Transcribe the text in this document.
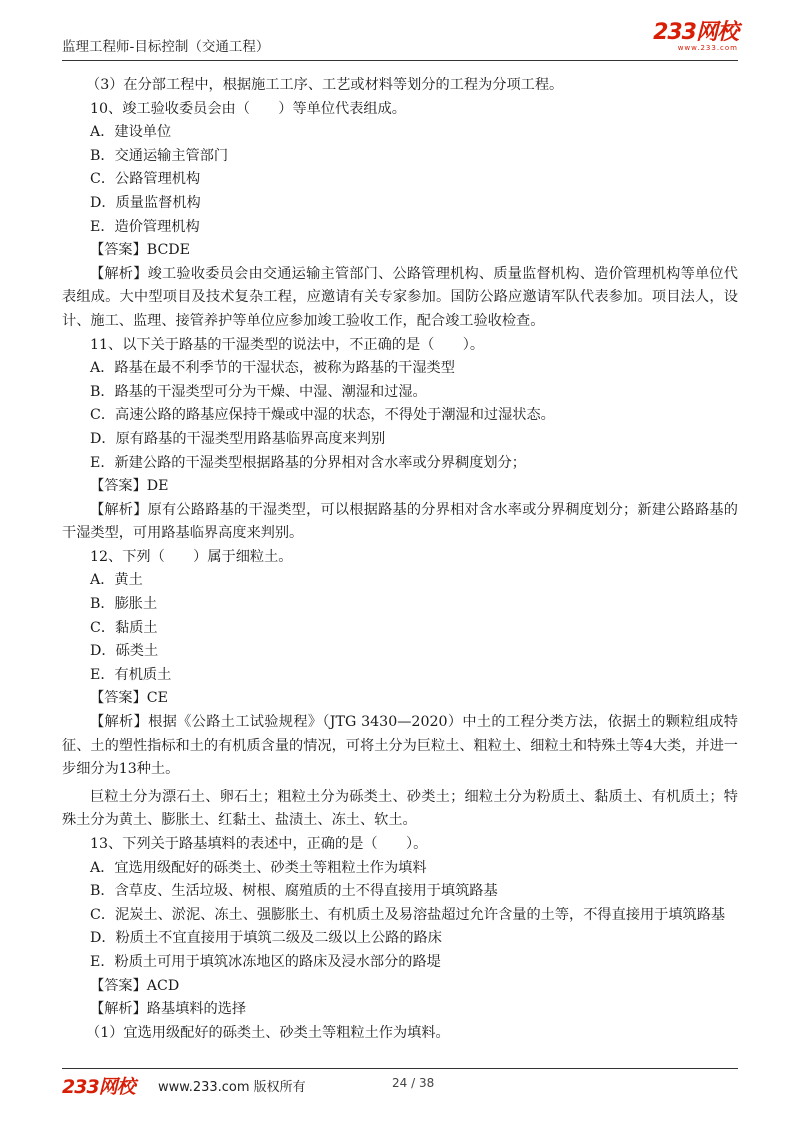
监理工程师-目标控制（交通工程）
233网校
www.233.com
（3）在分部工程中，根据施工工序、工艺或材料等划分的工程为分项工程。
10、竣工验收委员会由（　　）等单位代表组成。
A．建设单位
B．交通运输主管部门
C．公路管理机构
D．质量监督机构
E．造价管理机构
【答案】BCDE
【解析】竣工验收委员会由交通运输主管部门、公路管理机构、质量监督机构、造价管理机构等单位代表组成。大中型项目及技术复杂工程，应邀请有关专家参加。国防公路应邀请军队代表参加。项目法人，设计、施工、监理、接管养护等单位应参加竣工验收工作，配合竣工验收检查。
11、以下关于路基的干湿类型的说法中，不正确的是（　　）。
A．路基在最不利季节的干湿状态，被称为路基的干湿类型
B．路基的干湿类型可分为干燥、中湿、潮湿和过湿。
C．高速公路的路基应保持干燥或中湿的状态，不得处于潮湿和过湿状态。
D．原有路基的干湿类型用路基临界高度来判别
E．新建公路的干湿类型根据路基的分界相对含水率或分界稠度划分；
【答案】DE
【解析】原有公路路基的干湿类型，可以根据路基的分界相对含水率或分界稠度划分；新建公路路基的干湿类型，可用路基临界高度来判别。
12、下列（　　）属于细粒土。
A．黄土
B．膨胀土
C．黏质土
D．砾类土
E．有机质土
【答案】CE
【解析】根据《公路土工试验规程》（JTG 3430—2020）中土的工程分类方法，依据土的颗粒组成特征、土的塑性指标和土的有机质含量的情况，可将土分为巨粒土、粗粒土、细粒土和特殊土等4大类，并进一步细分为13种土。
巨粒土分为漂石土、卵石土；粗粒土分为砾类土、砂类土；细粒土分为粉质土、黏质土、有机质土；特殊土分为黄土、膨胀土、红黏土、盐渍土、冻土、软土。
13、下列关于路基填料的表述中，正确的是（　　）。
A．宜选用级配好的砾类土、砂类土等粗粒土作为填料
B．含草皮、生活垃圾、树根、腐殖质的土不得直接用于填筑路基
C．泥炭土、淤泥、冻土、强膨胀土、有机质土及易溶盐超过允许含量的土等，不得直接用于填筑路基
D．粉质土不宜直接用于填筑二级及二级以上公路的路床
E．粉质土可用于填筑冰冻地区的路床及浸水部分的路堤
【答案】ACD
【解析】路基填料的选择
（1）宜选用级配好的砾类土、砂类土等粗粒土作为填料。
233网校 www.233.com 版权所有	24 / 38
